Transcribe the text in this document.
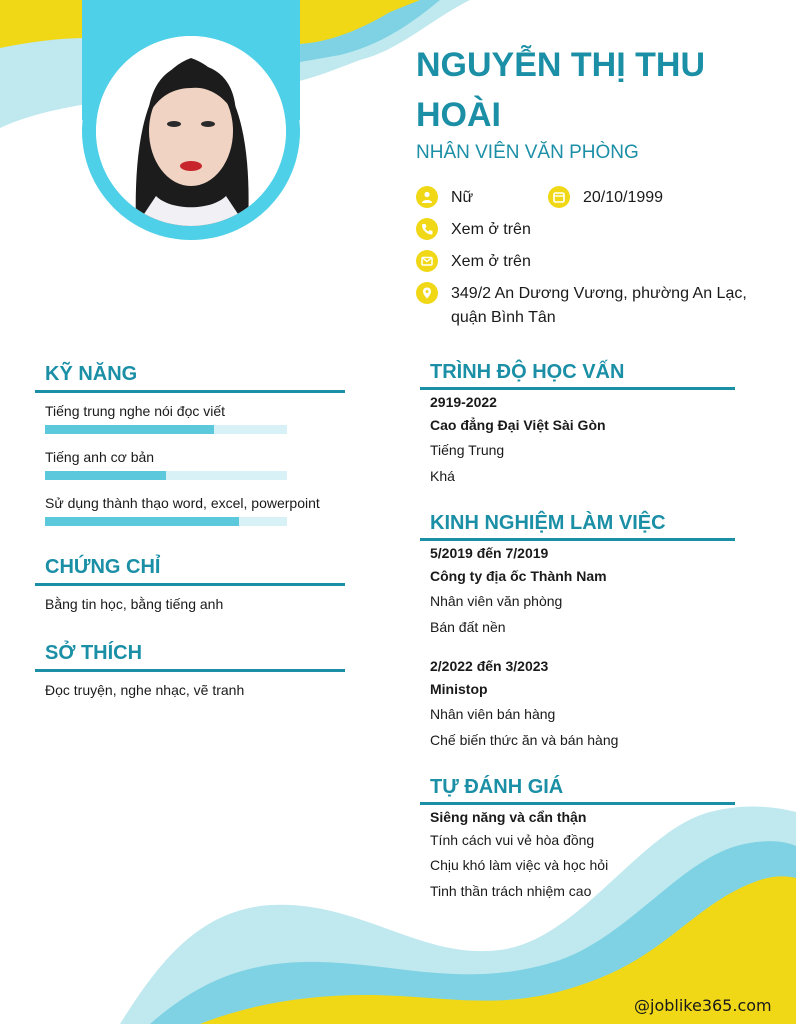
NGUYỄN THỊ THU HOÀI
NHÂN VIÊN VĂN PHÒNG
Nữ	20/10/1999
Xem ở trên
Xem ở trên
349/2 An Dương Vương, phường An Lạc,
quận Bình Tân
KỸ NĂNG
Tiếng trung nghe nói đọc viết
Tiếng anh cơ bản
Sử dụng thành thạo word, excel, powerpoint
CHỨNG CHỈ
Bằng tin học, bằng tiếng anh
SỞ THÍCH
Đọc truyện, nghe nhạc, vẽ tranh
TRÌNH ĐỘ HỌC VẤN
2919-2022
Cao đẳng Đại Việt Sài Gòn
Tiếng Trung
Khá
KINH NGHIỆM LÀM VIỆC
5/2019 đến 7/2019
Công ty địa ốc Thành Nam
Nhân viên văn phòng
Bán đất nền
2/2022 đến 3/2023
Ministop
Nhân viên bán hàng
Chế biến thức ăn và bán hàng
TỰ ĐÁNH GIÁ
Siêng năng và cẩn thận
Tính cách vui vẻ hòa đồng
Chịu khó làm việc và học hỏi
Tinh thần trách nhiệm cao
@joblike365.com
